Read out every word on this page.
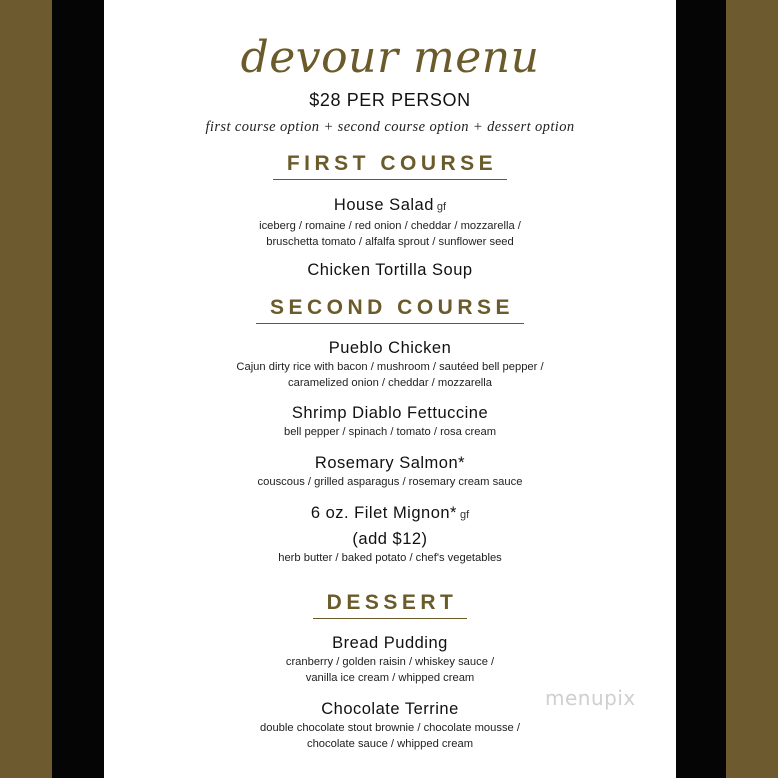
devour menu
$28 PER PERSON
first course option + second course option + dessert option
FIRST COURSE
House Salad gf
iceberg / romaine / red onion / cheddar / mozzarella /
bruschetta tomato / alfalfa sprout / sunflower seed
Chicken Tortilla Soup
SECOND COURSE
Pueblo Chicken
Cajun dirty rice with bacon / mushroom / sautéed bell pepper /
caramelized onion / cheddar / mozzarella
Shrimp Diablo Fettuccine
bell pepper / spinach / tomato / rosa cream
Rosemary Salmon*
couscous / grilled asparagus / rosemary cream sauce
6 oz. Filet Mignon* gf
(add $12)
herb butter / baked potato / chef's vegetables
DESSERT
Bread Pudding
cranberry / golden raisin / whiskey sauce /
vanilla ice cream / whipped cream
Chocolate Terrine
double chocolate stout brownie / chocolate mousse /
chocolate sauce / whipped cream
menupix
